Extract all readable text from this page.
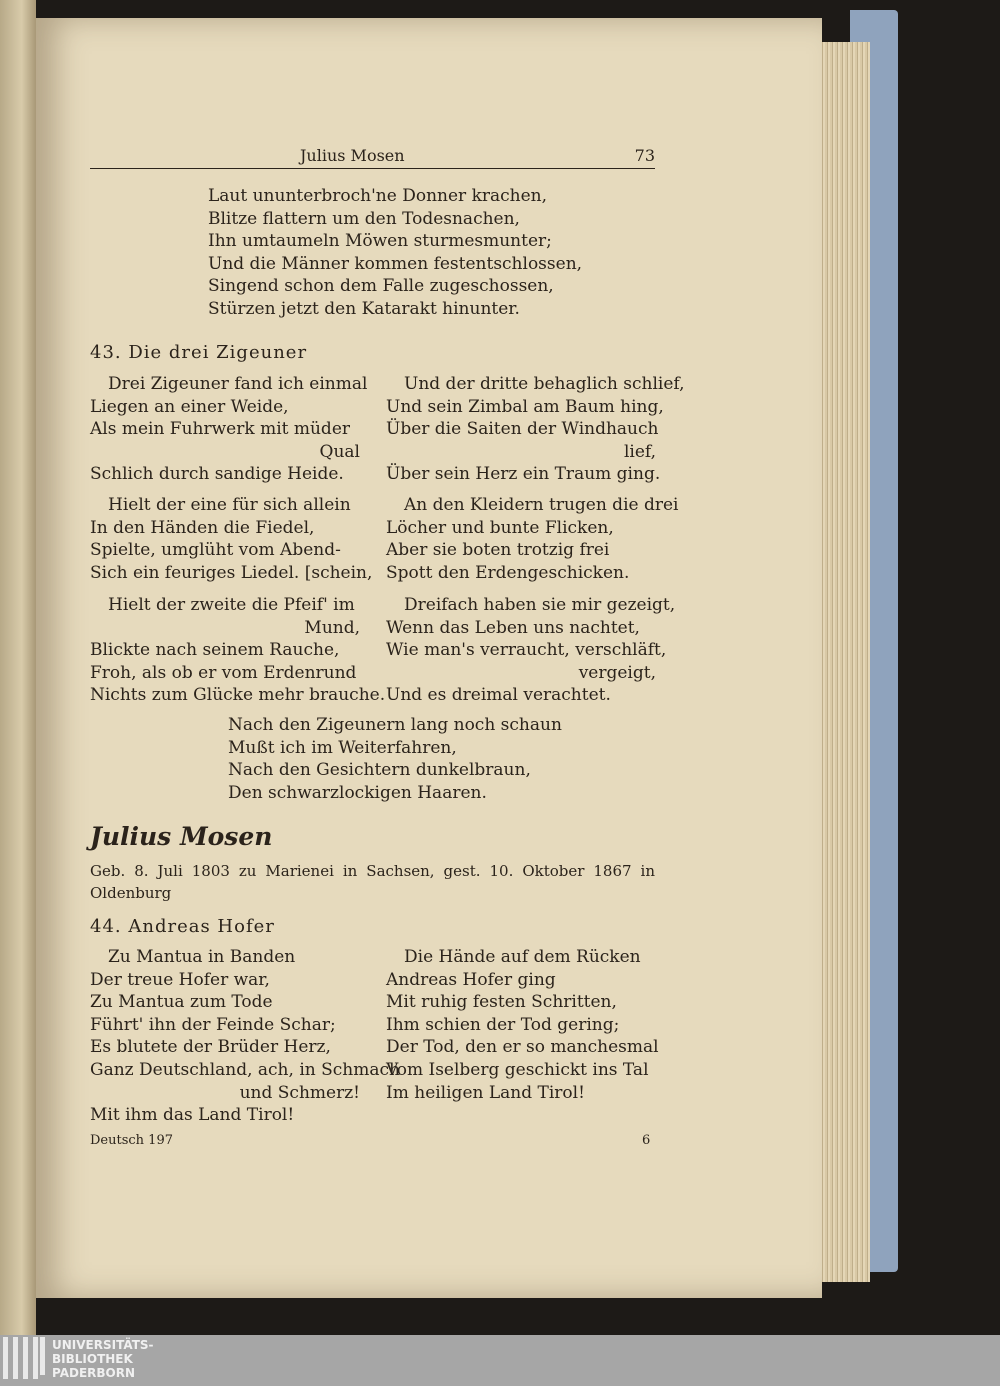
Julius Mosen	73
Laut ununterbroch'ne Donner krachen,
Blitze flattern um den Todesnachen,
Ihn umtaumeln Möwen sturmesmunter;
Und die Männer kommen festentschlossen,
Singend schon dem Falle zugeschossen,
Stürzen jetzt den Katarakt hinunter.
43. Die drei Zigeuner
Drei Zigeuner fand ich einmal
Liegen an einer Weide,
Als mein Fuhrwerk mit müder
Qual
Schlich durch sandige Heide.
Hielt der eine für sich allein
In den Händen die Fiedel,
Spielte, umglüht vom Abend-
Sich ein feuriges Liedel. [schein,
Hielt der zweite die Pfeif' im
Mund,
Blickte nach seinem Rauche,
Froh, als ob er vom Erdenrund
Nichts zum Glücke mehr brauche.
Und der dritte behaglich schlief,
Und sein Zimbal am Baum hing,
Über die Saiten der Windhauch
lief,
Über sein Herz ein Traum ging.
An den Kleidern trugen die drei
Löcher und bunte Flicken,
Aber sie boten trotzig frei
Spott den Erdengeschicken.
Dreifach haben sie mir gezeigt,
Wenn das Leben uns nachtet,
Wie man's verraucht, verschläft,
vergeigt,
Und es dreimal verachtet.
Nach den Zigeunern lang noch schaun
Mußt ich im Weiterfahren,
Nach den Gesichtern dunkelbraun,
Den schwarzlockigen Haaren.
Julius Mosen
Geb. 8. Juli 1803 zu Marienei in Sachsen, gest. 10. Oktober 1867 in
Oldenburg
44. Andreas Hofer
Zu Mantua in Banden
Der treue Hofer war,
Zu Mantua zum Tode
Führt' ihn der Feinde Schar;
Es blutete der Brüder Herz,
Ganz Deutschland, ach, in Schmach
und Schmerz!
Mit ihm das Land Tirol!
Die Hände auf dem Rücken
Andreas Hofer ging
Mit ruhig festen Schritten,
Ihm schien der Tod gering;
Der Tod, den er so manchesmal
Vom Iselberg geschickt ins Tal
Im heiligen Land Tirol!
Deutsch 197	6
UNIVERSITÄTS-
BIBLIOTHEK
PADERBORN
